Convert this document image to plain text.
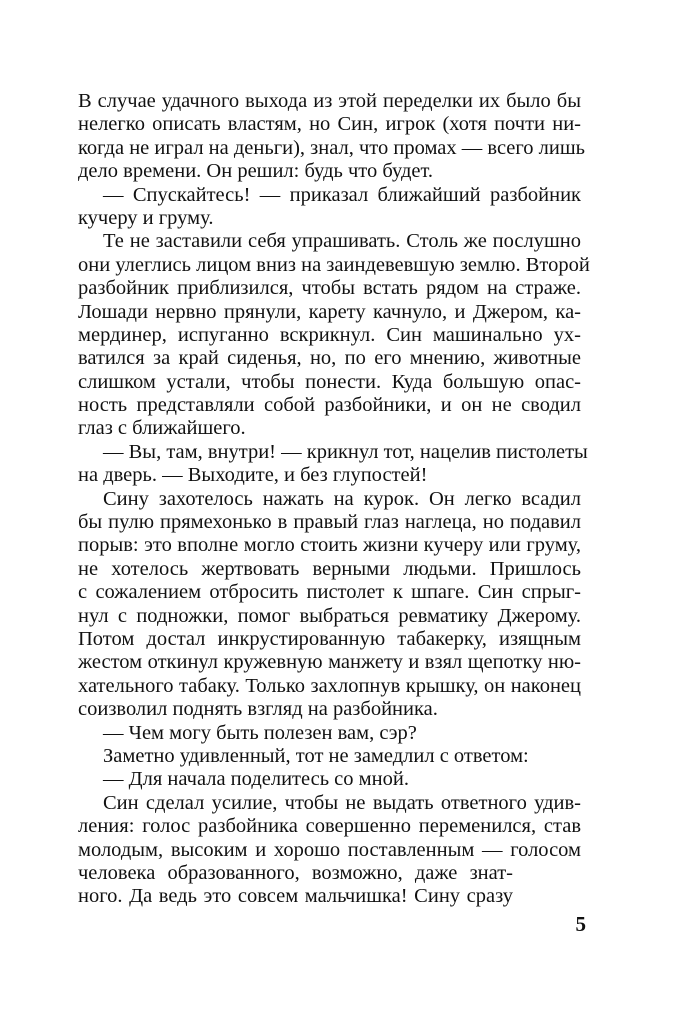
В случае удачного выхода из этой переделки их было бы
нелегко описать властям, но Син, игрок (хотя почти ни-
когда не играл на деньги), знал, что промах — всего лишь
дело времени. Он решил: будь что будет.
— Спускайтесь! — приказал ближайший разбойник
кучеру и груму.
Те не заставили себя упрашивать. Столь же послушно
они улеглись лицом вниз на заиндевевшую землю. Второй
разбойник приблизился, чтобы встать рядом на страже.
Лошади нервно прянули, карету качнуло, и Джером, ка-
мердинер, испуганно вскрикнул. Син машинально ух-
ватился за край сиденья, но, по его мнению, животные
слишком устали, чтобы понести. Куда большую опас-
ность представляли собой разбойники, и он не сводил
глаз с ближайшего.
— Вы, там, внутри! — крикнул тот, нацелив пистолеты
на дверь. — Выходите, и без глупостей!
Сину захотелось нажать на курок. Он легко всадил
бы пулю прямехонько в правый глаз наглеца, но подавил
порыв: это вполне могло стоить жизни кучеру или груму,
не хотелось жертвовать верными людьми. Пришлось
с сожалением отбросить пистолет к шпаге. Син спрыг-
нул с подножки, помог выбраться ревматику Джерому.
Потом достал инкрустированную табакерку, изящным
жестом откинул кружевную манжету и взял щепотку ню-
хательного табаку. Только захлопнув крышку, он наконец
соизволил поднять взгляд на разбойника.
— Чем могу быть полезен вам, сэр?
Заметно удивленный, тот не замедлил с ответом:
— Для начала поделитесь со мной.
Син сделал усилие, чтобы не выдать ответного удив-
ления: голос разбойника совершенно переменился, став
молодым, высоким и хорошо поставленным — голосом
человека образованного, возможно, даже знат-
ного. Да ведь это совсем мальчишка! Сину сразу
5
